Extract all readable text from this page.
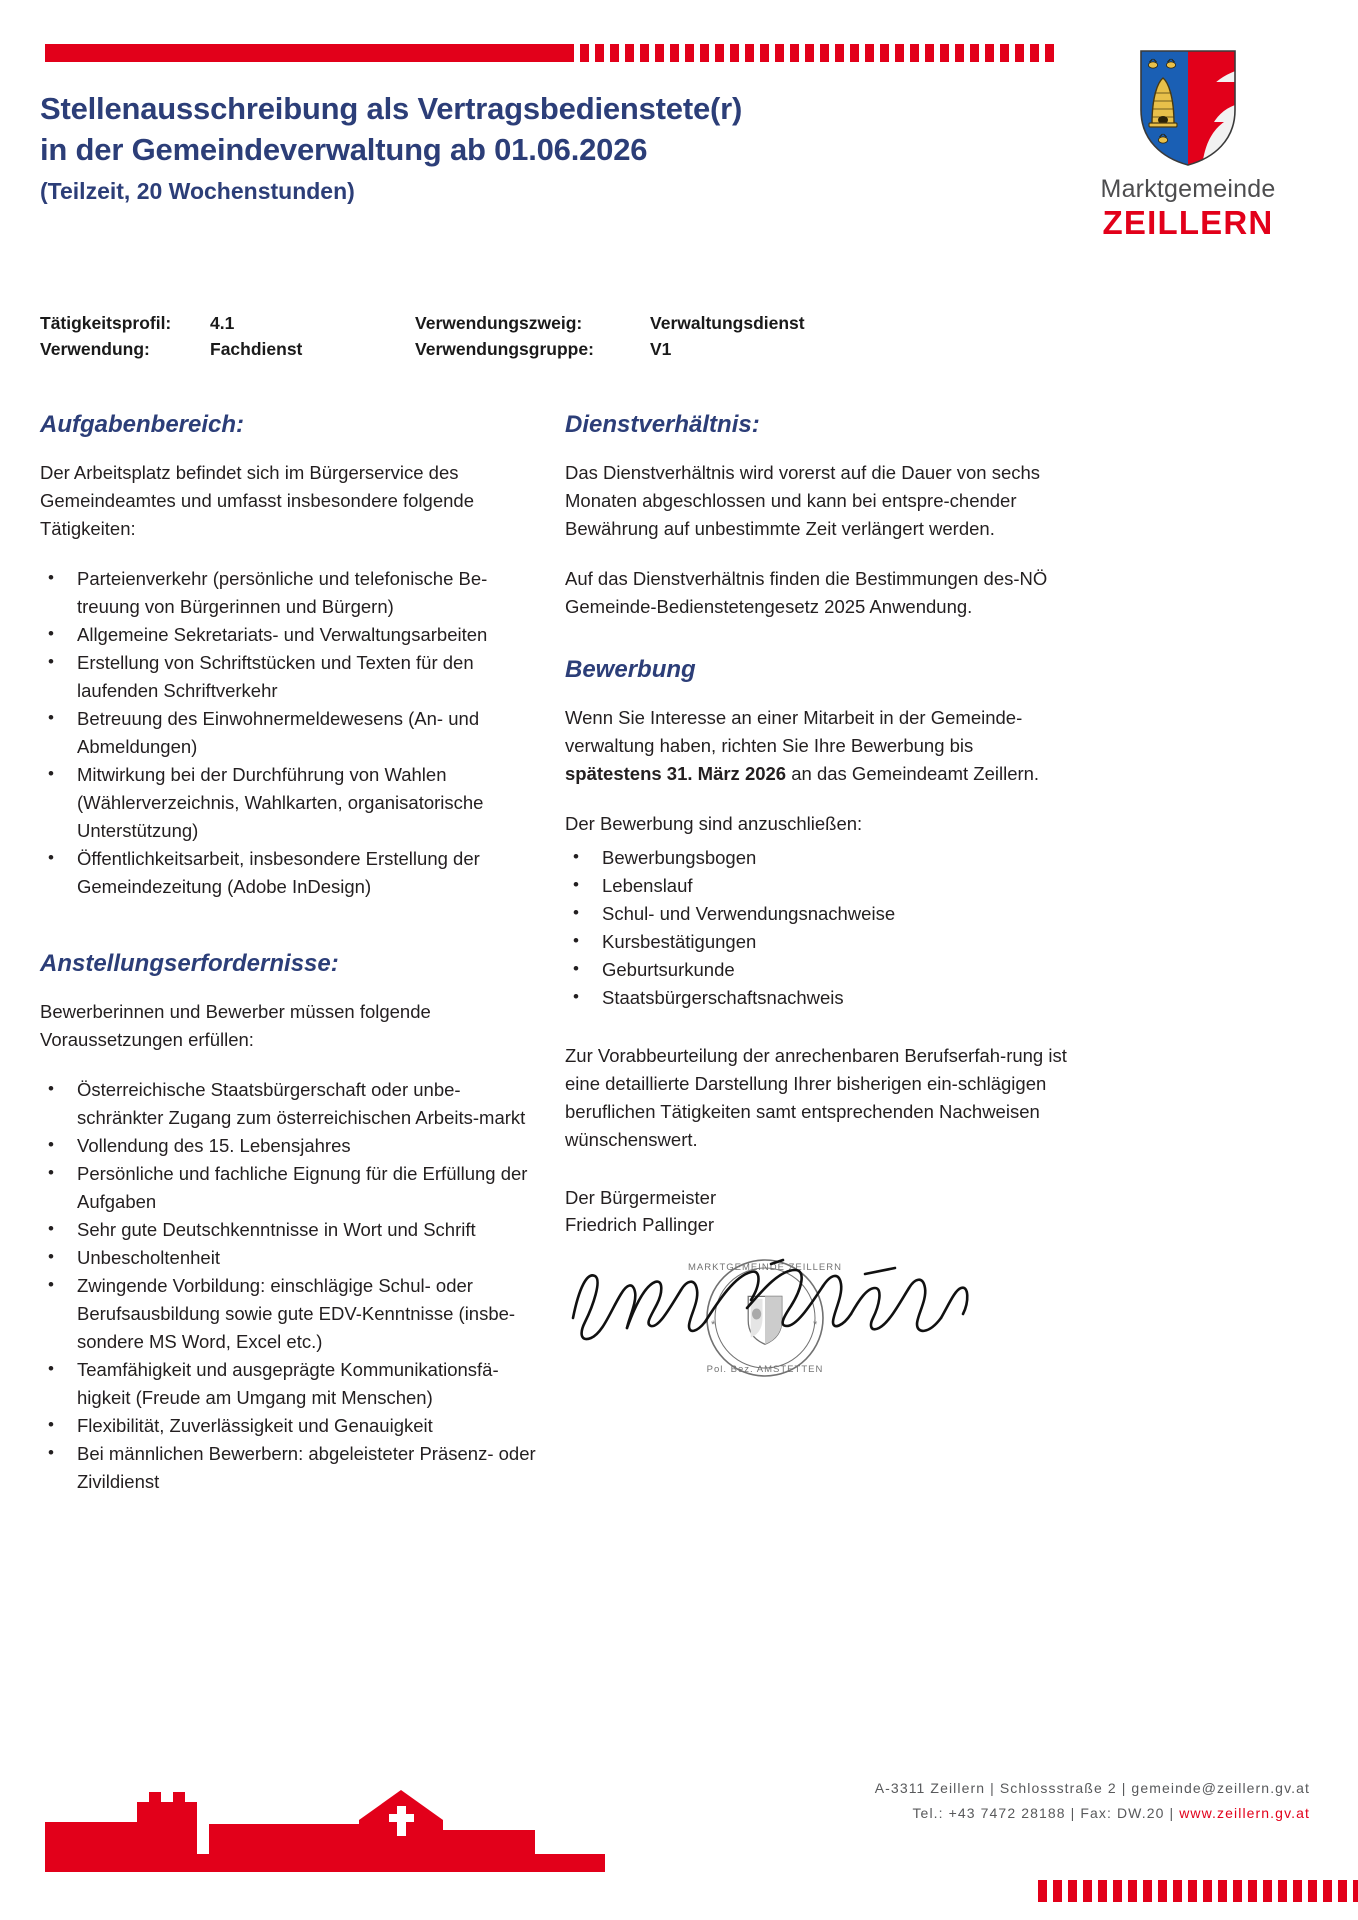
Stellenausschreibung als Vertragsbedienstete(r)
in der Gemeindeverwaltung ab 01.06.2026
(Teilzeit, 20 Wochenstunden)	Marktgemeinde
ZEILLERN
Tätigkeitsprofil:	4.1	Verwendungszweig:	Verwaltungsdienst
Verwendung:	Fachdienst	Verwendungsgruppe:	V1
Aufgabenbereich:

Der Arbeitsplatz befindet sich im Bürgerservice des Gemeindeamtes und umfasst insbesondere folgende Tätigkeiten:

• Parteienverkehr (persönliche und telefonische Be-treuung von Bürgerinnen und Bürgern)
• Allgemeine Sekretariats- und Verwaltungsarbeiten
• Erstellung von Schriftstücken und Texten für den laufenden Schriftverkehr
• Betreuung des Einwohnermeldewesens (An- und Abmeldungen)
• Mitwirkung bei der Durchführung von Wahlen (Wählerverzeichnis, Wahlkarten, organisatorische Unterstützung)
• Öffentlichkeitsarbeit, insbesondere Erstellung der Gemeindezeitung (Adobe InDesign)
Anstellungserfordernisse:

Bewerberinnen und Bewerber müssen folgende Voraussetzungen erfüllen:

• Österreichische Staatsbürgerschaft oder unbe-schränkter Zugang zum österreichischen Arbeits-markt
• Vollendung des 15. Lebensjahres
• Persönliche und fachliche Eignung für die Erfüllung der Aufgaben
• Sehr gute Deutschkenntnisse in Wort und Schrift
• Unbescholtenheit
• Zwingende Vorbildung: einschlägige Schul- oder Berufsausbildung sowie gute EDV-Kenntnisse (insbe-sondere MS Word, Excel etc.)
• Teamfähigkeit und ausgeprägte Kommunikationsfä-higkeit (Freude am Umgang mit Menschen)
• Flexibilität, Zuverlässigkeit und Genauigkeit
• Bei männlichen Bewerbern: abgeleisteter Präsenz- oder Zivildienst
Dienstverhältnis:

Das Dienstverhältnis wird vorerst auf die Dauer von sechs Monaten abgeschlossen und kann bei entspre-chender Bewährung auf unbestimmte Zeit verlängert werden.

Auf das Dienstverhältnis finden die Bestimmungen des-NÖ Gemeinde-Bedienstetengesetz 2025 Anwendung.

Bewerbung

Wenn Sie Interesse an einer Mitarbeit in der Gemeinde-verwaltung haben, richten Sie Ihre Bewerbung bis spätestens 31. März 2026 an das Gemeindeamt Zeillern.

Der Bewerbung sind anzuschließen:

• Bewerbungsbogen
• Lebenslauf
• Schul- und Verwendungsnachweise
• Kursbestätigungen
• Geburtsurkunde
• Staatsbürgerschaftsnachweis

Zur Vorabbeurteilung der anrechenbaren Berufserfah-rung ist eine detaillierte Darstellung Ihrer bisherigen ein-schlägigen beruflichen Tätigkeiten samt entsprechenden Nachweisen wünschenswert.

Der Bürgermeister
Friedrich Pallinger
MARKTGEMEINDE ZEILLERN
Pol. Bez. AMSTETTEN
*	*
A-3311 Zeillern | Schlossstraße 2 | gemeinde@zeillern.gv.at
Tel.: +43 7472 28188 | Fax: DW.20 | www.zeillern.gv.at
